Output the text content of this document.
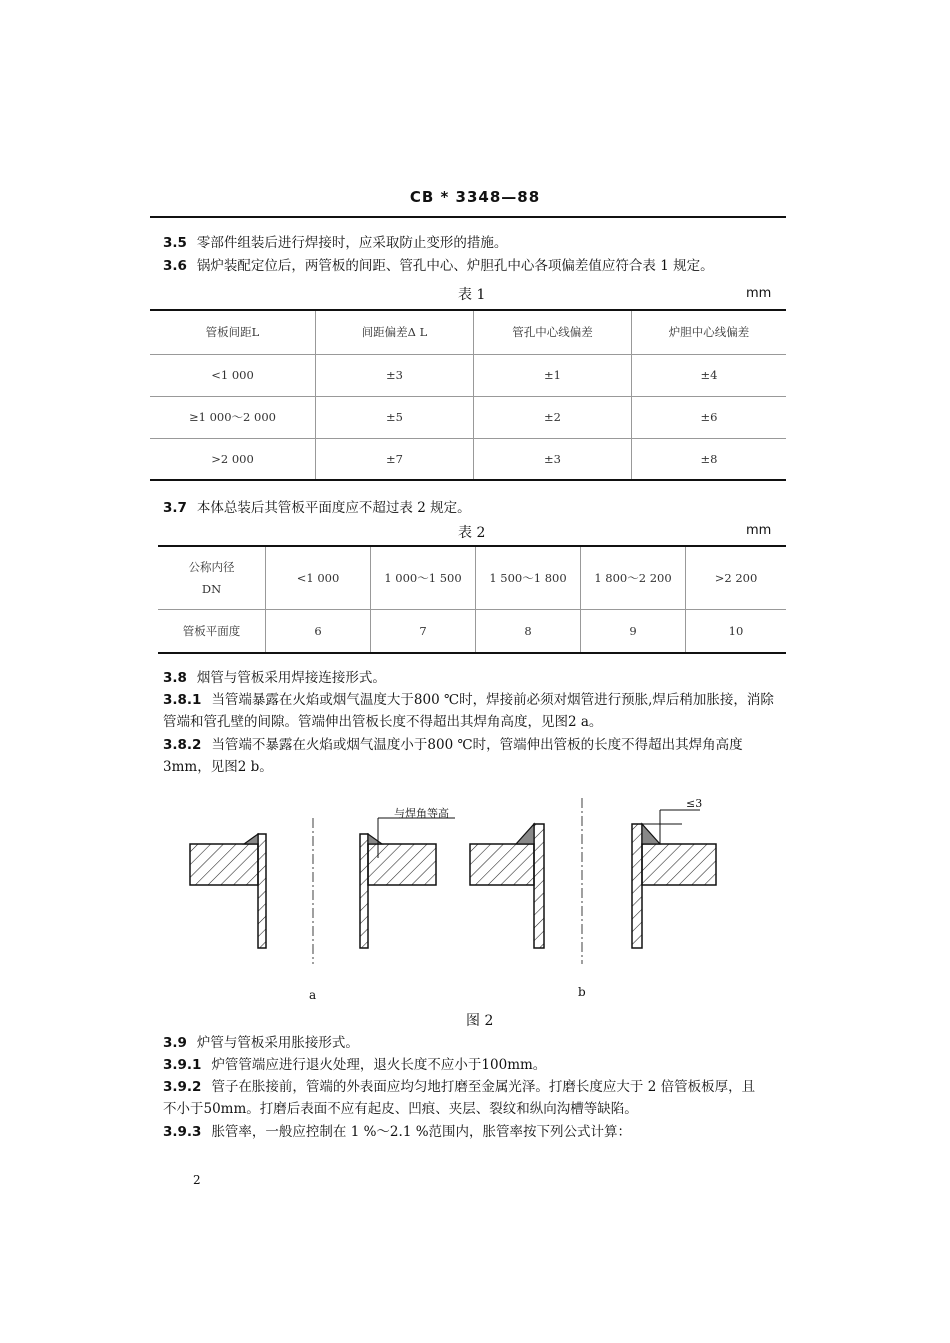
CB * 3348—88
3.5 零部件组装后进行焊接时，应采取防止变形的措施。
3.6 锅炉装配定位后，两管板的间距、管孔中心、炉胆孔中心各项偏差值应符合表 1 规定。
表 1	mm
管板间距L	间距偏差Δ L	管孔中心线偏差	炉胆中心线偏差
<1 000	±3	±1	±4
≥1 000～2 000	±5	±2	±6
>2 000	±7	±3	±8
3.7 本体总装后其管板平面度应不超过表 2 规定。
表 2	mm
公称内径
DN	<1 000	1 000～1 500	1 500～1 800	1 800～2 200	>2 200
管板平面度	6	7	8	9	10
3.8 烟管与管板采用焊接连接形式。
3.8.1 当管端暴露在火焰或烟气温度大于800 ℃时，焊接前必须对烟管进行预胀,焊后稍加胀接，消除
管端和管孔壁的间隙。管端伸出管板长度不得超出其焊角高度，见图2 a。
3.8.2 当管端不暴露在火焰或烟气温度小于800 ℃时，管端伸出管板的长度不得超出其焊角高度
3mm，见图2 b。
与焊角等高
≤3
a	b
图 2
3.9 炉管与管板采用胀接形式。
3.9.1 炉管管端应进行退火处理，退火长度不应小于100mm。
3.9.2 管子在胀接前，管端的外表面应均匀地打磨至金属光泽。打磨长度应大于 2 倍管板板厚，且
不小于50mm。打磨后表面不应有起皮、凹痕、夹层、裂纹和纵向沟槽等缺陷。
3.9.3 胀管率，一般应控制在 1 %～2.1 %范围内，胀管率按下列公式计算：
2
